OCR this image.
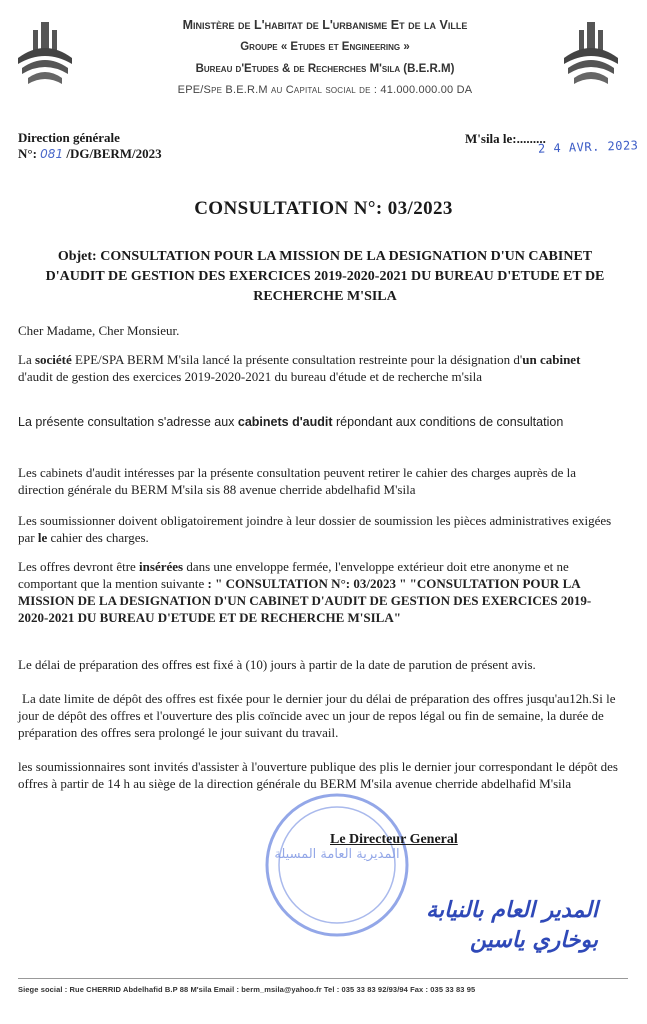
Ministère de L'habitat de L'urbanisme Et de la Ville
Groupe « Etudes et Engineering »
Bureau d'Etudes & de Recherches M'sila (B.E.R.M)
EPE/Spe B.E.R.M au Capital social de : 41.000.000.00 DA
Direction générale
N°: 081 /DG/BERM/2023
M'sila le:.........
2 4 AVR. 2023
CONSULTATION N°: 03/2023
Objet: CONSULTATION POUR LA MISSION DE LA DESIGNATION D'UN CABINET D'AUDIT DE GESTION DES EXERCICES 2019-2020-2021 DU BUREAU D'ETUDE ET DE RECHERCHE M'SILA
Cher Madame, Cher Monsieur.
La société EPE/SPA BERM M'sila lancé la présente consultation restreinte pour la désignation d'un cabinet d'audit de gestion des exercices 2019-2020-2021 du bureau d'étude et de recherche m'sila
La présente consultation s'adresse aux cabinets d'audit répondant aux conditions de consultation
Les cabinets d'audit intéresses par la présente consultation peuvent retirer le cahier des charges auprès de la direction générale du BERM M'sila sis 88 avenue cherride abdelhafid M'sila
Les soumissionner doivent obligatoirement joindre à leur dossier de soumission les pièces administratives exigées par le cahier des charges.
Les offres devront être insérées dans une enveloppe fermée, l'enveloppe extérieur doit etre anonyme et ne comportant que la mention suivante : " CONSULTATION N°: 03/2023 " "CONSULTATION POUR LA MISSION DE LA DESIGNATION D'UN CABINET D'AUDIT DE GESTION DES EXERCICES 2019-2020-2021 DU BUREAU D'ETUDE ET DE RECHERCHE M'SILA"
Le délai de préparation des offres est fixé à (10) jours à partir de la date de parution de présent avis.
La date limite de dépôt des offres est fixée pour le dernier jour du délai de préparation des offres jusqu'au12h.Si le jour de dépôt des offres et l'ouverture des plis coïncide avec un jour de repos légal ou fin de semaine, la durée de préparation des offres sera prolongé le jour suivant du travail.
les soumissionnaires sont invités d'assister à l'ouverture publique des plis le dernier jour correspondant le dépôt des offres à partir de 14 h au siège de la direction générale du BERM M'sila avenue cherride abdelhafid M'sila
المديرية العامة المسيلة
Le Directeur General
المدير العام بالنيابة
بوخاري ياسين
Siege social : Rue CHERRID Abdelhafid B.P 88 M'sila Email : berm_msila@yahoo.fr Tel : 035 33 83 92/93/94 Fax : 035 33 83 95
